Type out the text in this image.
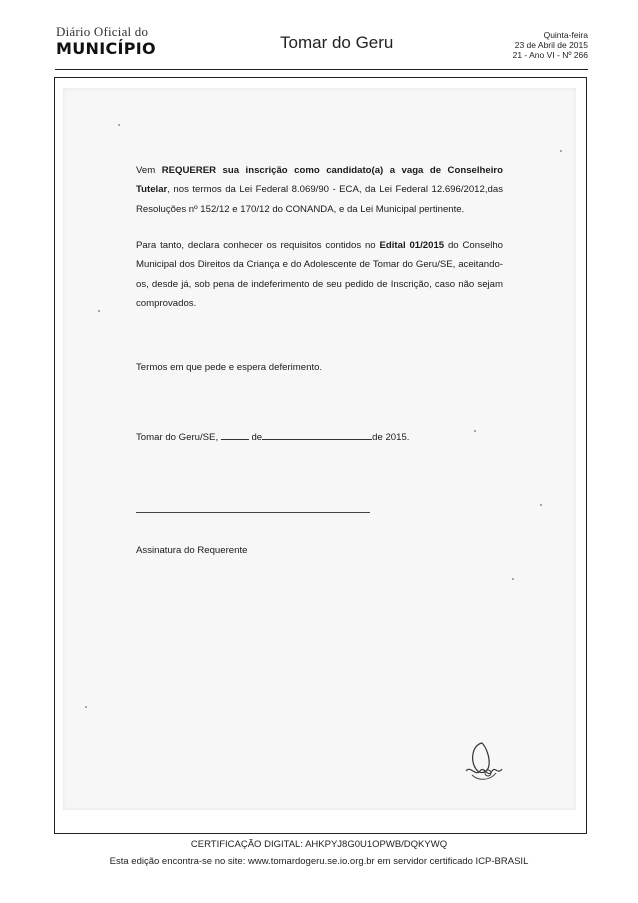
Diário Oficial do
MUNICÍPIO	Tomar do Geru	Quinta-feira
23 de Abril de 2015
21 - Ano VI - Nº 266
Vem REQUERER sua inscrição como candidato(a) a vaga de Conselheiro Tutelar, nos termos da Lei Federal 8.069/90 - ECA, da Lei Federal 12.696/2012,das Resoluções nº 152/12 e 170/12 do CONANDA, e da Lei Municipal pertinente.
Para tanto, declara conhecer os requisitos contidos no Edital 01/2015 do Conselho Municipal dos Direitos da Criança e do Adolescente de Tomar do Geru/SE, aceitando-os, desde já, sob pena de indeferimento de seu pedido de Inscrição, caso não sejam comprovados.
Termos em que pede e espera deferimento.
Tomar do Geru/SE,	de	de 2015.
Assinatura do Requerente
CERTIFICAÇÃO DIGITAL: AHKPYJ8G0U1OPWB/DQKYWQ
Esta edição encontra-se no site: www.tomardogeru.se.io.org.br em servidor certificado ICP-BRASIL
